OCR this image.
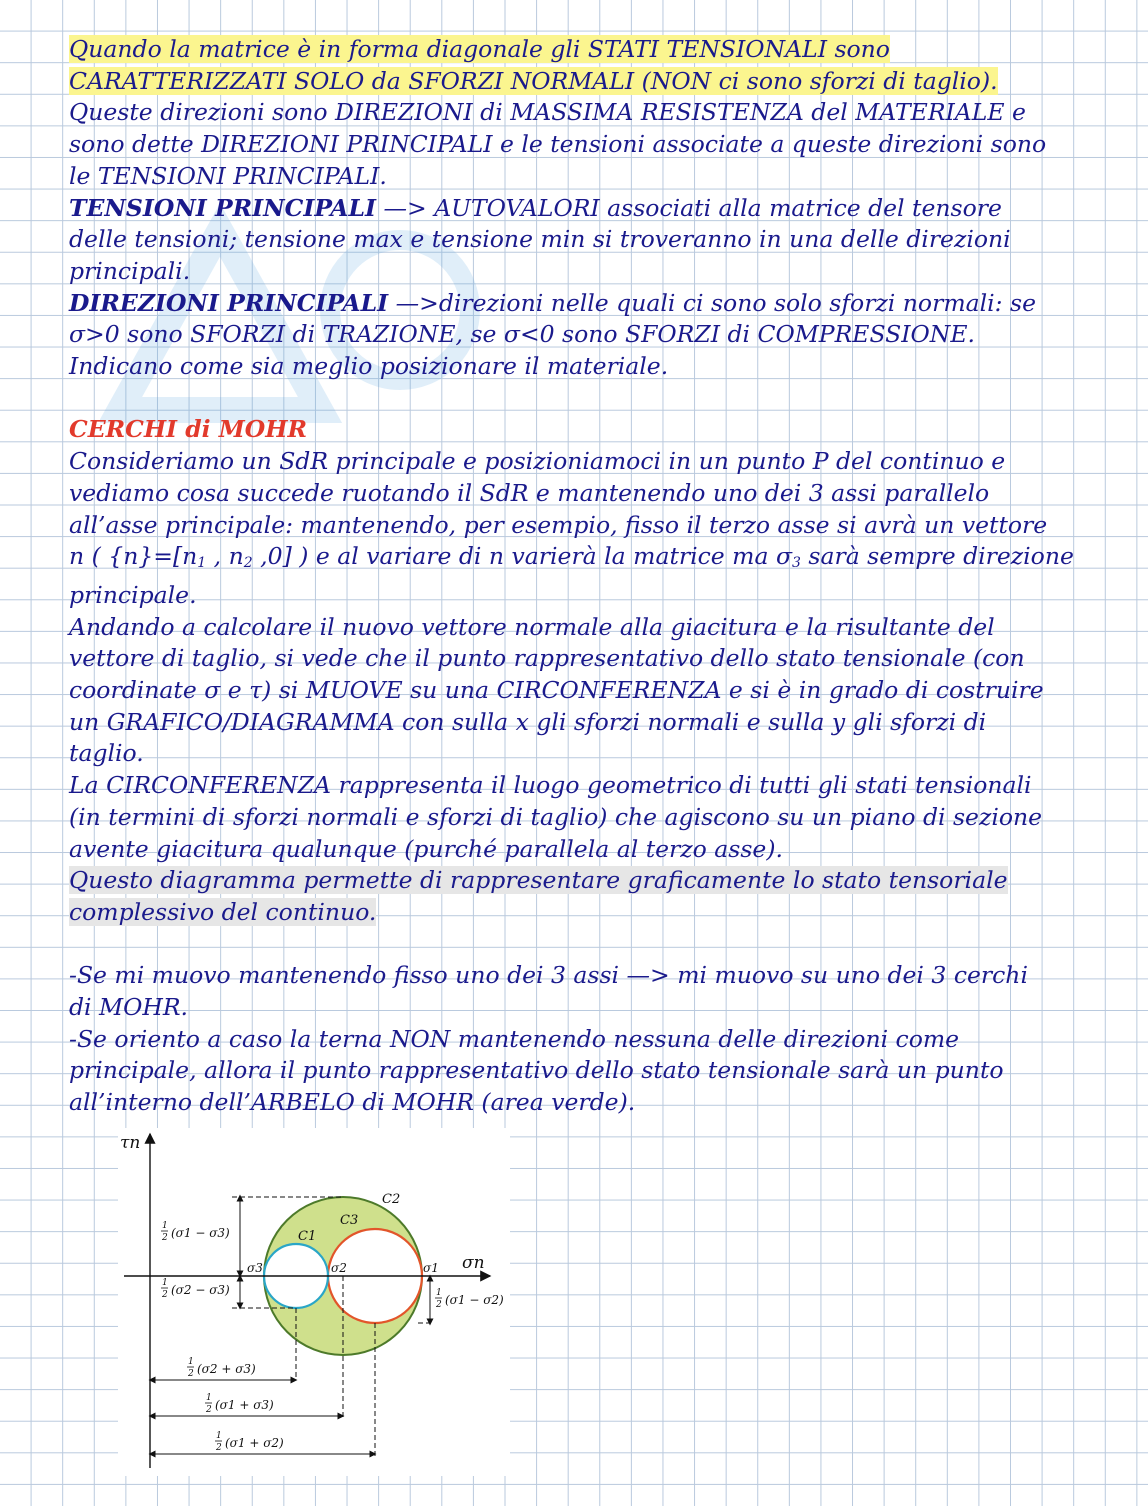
Quando la matrice è in forma diagonale gli STATI TENSIONALI sono

CARATTERIZZATI SOLO da SFORZI NORMALI (NON ci sono sforzi di taglio).

Queste direzioni sono DIREZIONI di MASSIMA RESISTENZA del MATERIALE e

sono dette DIREZIONI PRINCIPALI e le tensioni associate a queste direzioni sono

le TENSIONI PRINCIPALI.

TENSIONI PRINCIPALI —> AUTOVALORI associati alla matrice del tensore

delle tensioni; tensione max e tensione min si troveranno in una delle direzioni

principali.

DIREZIONI PRINCIPALI —>direzioni nelle quali ci sono solo sforzi normali: se

σ>0 sono SFORZI di TRAZIONE, se σ<0 sono SFORZI di COMPRESSIONE.

Indicano come sia meglio posizionare il materiale.

CERCHI di MOHR

Consideriamo un SdR principale e posizioniamoci in un punto P del continuo e

vediamo cosa succede ruotando il SdR e mantenendo uno dei 3 assi parallelo

all’asse principale: mantenendo, per esempio, fisso il terzo asse si avrà un vettore

n ( $\{n\}=[n_1$ , $n_2$ ,0] ) e al variare di n varierà la matrice ma $\sigma_3$ sarà sempre direzione

principale.

Andando a calcolare il nuovo vettore normale alla giacitura e la risultante del

vettore di taglio, si vede che il punto rappresentativo dello stato tensionale (con

coordinate σ e τ) si MUOVE su una CIRCONFERENZA e si è in grado di costruire

un GRAFICO/DIAGRAMMA con sulla x gli sforzi normali e sulla y gli sforzi di

taglio.

La CIRCONFERENZA rappresenta il luogo geometrico di tutti gli stati tensionali

(in termini di sforzi normali e sforzi di taglio) che agiscono su un piano di sezione

avente giacitura qualunque (purché parallela al terzo asse).

Questo diagramma permette di rappresentare graficamente lo stato tensoriale

complessivo del continuo.

-Se mi muovo mantenendo fisso uno dei 3 assi —> mi muovo su uno dei 3 cerchi

di MOHR.

-Se oriento a caso la terna NON mantenendo nessuna delle direzioni come

principale, allora il punto rappresentativo dello stato tensionale sarà un punto

all’interno dell’ARBELO di MOHR (area verde).

τn
σn
C2
C3
C1
σ3	σ2	σ1
1
2 (σ1 − σ3)
1
2 (σ2 − σ3)	1
2 (σ1 − σ2)
1
2 (σ2 + σ3)
1
2 (σ1 + σ3)
1
2 (σ1 + σ2)
